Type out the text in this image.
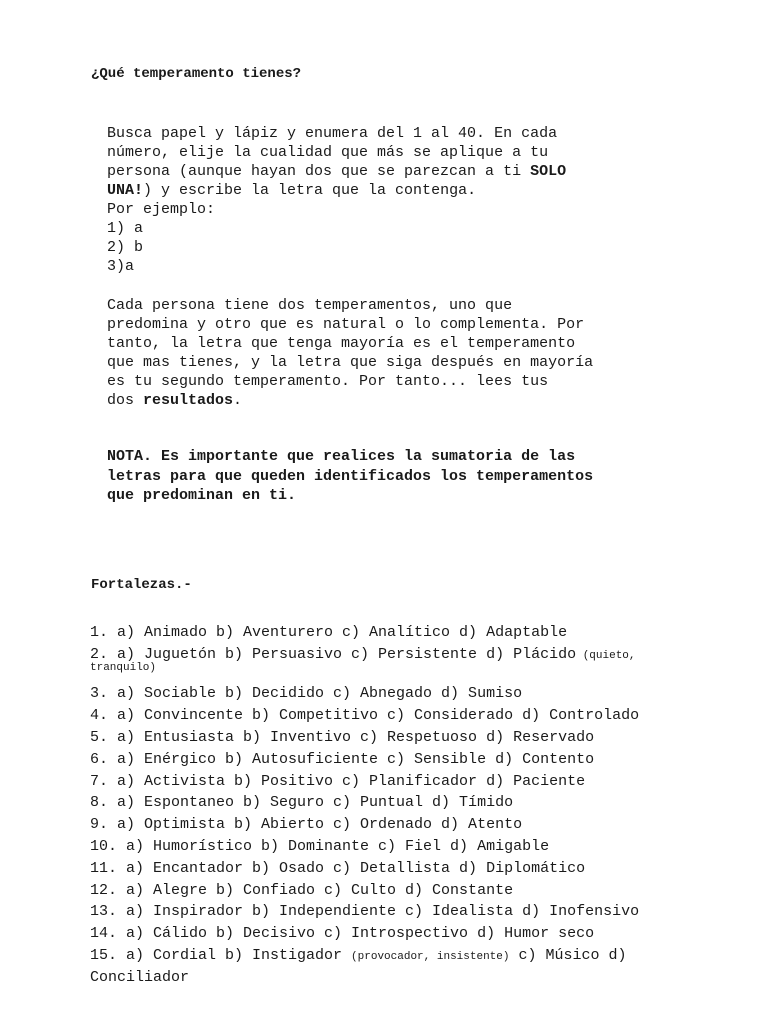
¿Qué temperamento tienes?
Busca papel y lápiz y enumera del 1 al 40. En cada
número, elije la cualidad que más se aplique a tu
persona (aunque hayan dos que se parezcan a ti SOLO
UNA!) y escribe la letra que la contenga.
Por ejemplo:
1) a
2) b
3)a
Cada persona tiene dos temperamentos, uno que
predomina y otro que es natural o lo complementa. Por
tanto, la letra que tenga mayoría es el temperamento
que mas tienes, y la letra que siga después en mayoría
es tu segundo temperamento. Por tanto... lees tus
dos resultados.
NOTA. Es importante que realices la sumatoria de las
letras para que queden identificados los temperamentos
que predominan en ti.
Fortalezas.-
1. a) Animado b) Aventurero c) Analítico d) Adaptable
2. a) Juguetón b) Persuasivo c) Persistente d) Plácido (quieto,
tranquilo)
3. a) Sociable b) Decidido c) Abnegado d) Sumiso
4. a) Convincente b) Competitivo c) Considerado d) Controlado
5. a) Entusiasta b) Inventivo c) Respetuoso d) Reservado
6. a) Enérgico b) Autosuficiente c) Sensible d) Contento
7. a) Activista b) Positivo c) Planificador d) Paciente
8. a) Espontaneo b) Seguro c) Puntual d) Tímido
9. a) Optimista b) Abierto c) Ordenado d) Atento
10. a) Humorístico b) Dominante c) Fiel d) Amigable
11. a) Encantador b) Osado c) Detallista d) Diplomático
12. a) Alegre b) Confiado c) Culto d) Constante
13. a) Inspirador b) Independiente c) Idealista d) Inofensivo
14. a) Cálido b) Decisivo c) Introspectivo d) Humor seco
15. a) Cordial b) Instigador (provocador, insistente) c) Músico d)
Conciliador
